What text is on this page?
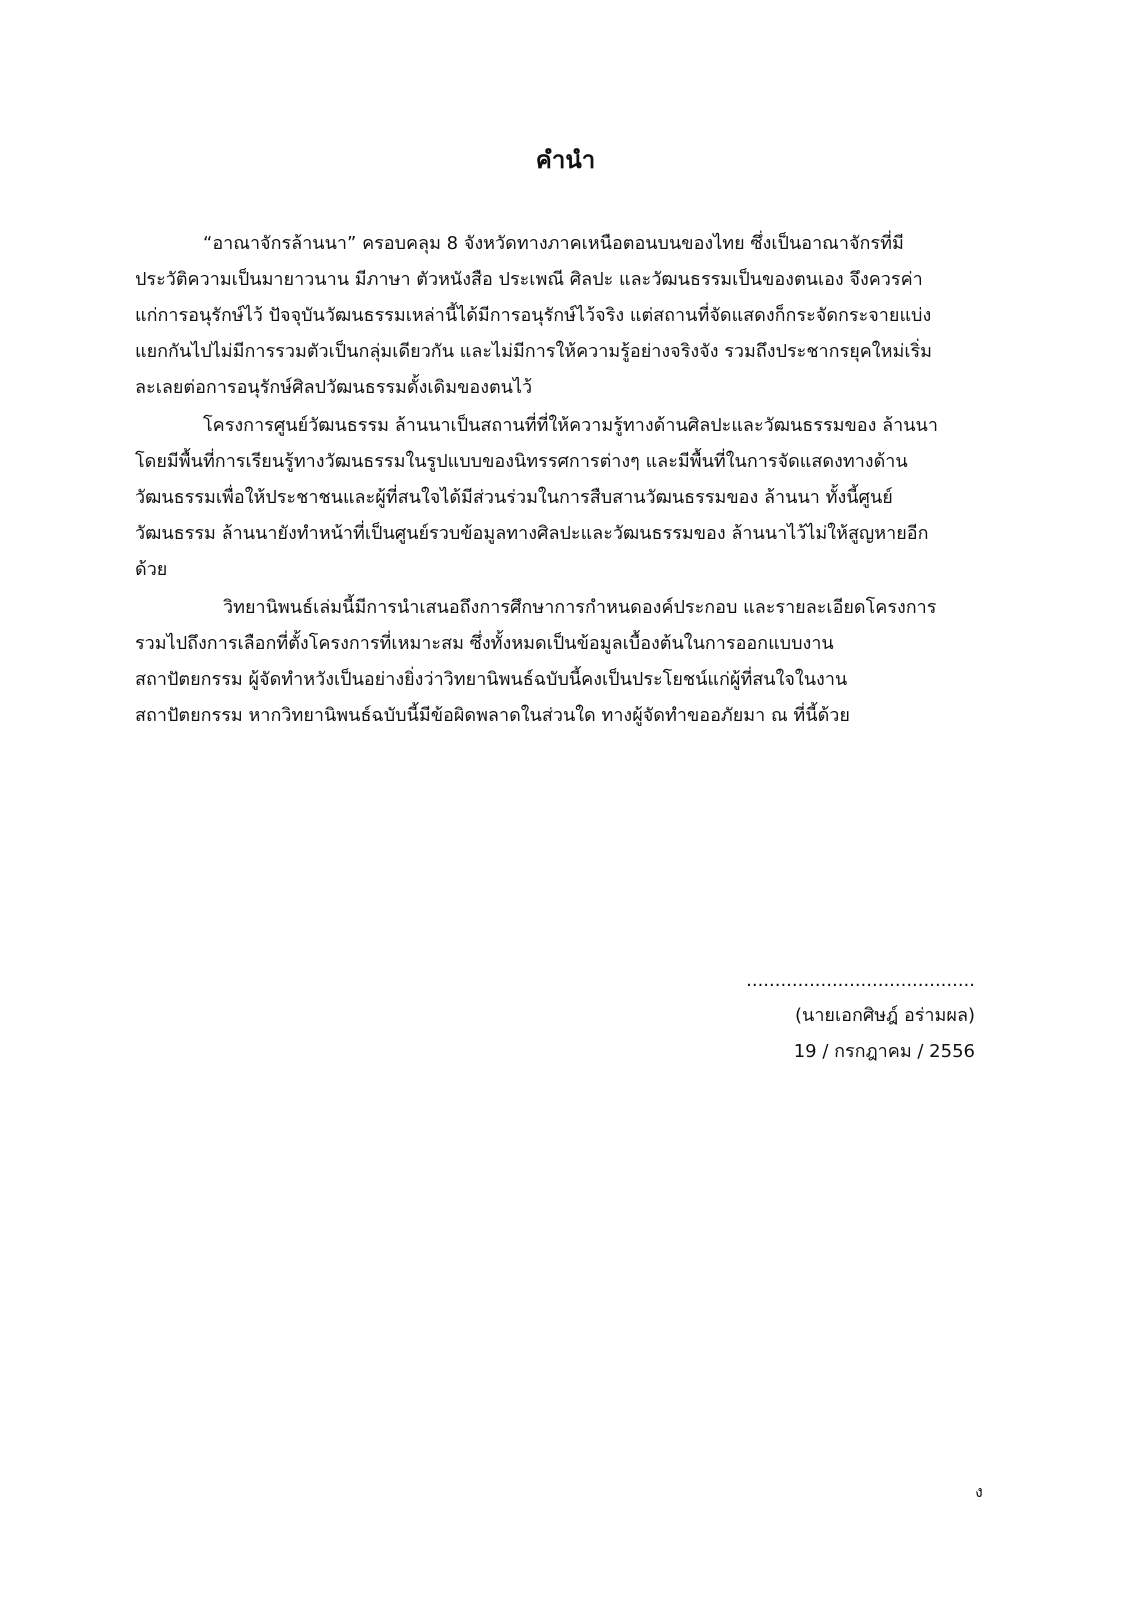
คำนำ
“อาณาจักรล้านนา” ครอบคลุม 8 จังหวัดทางภาคเหนือตอนบนของไทย ซึ่งเป็นอาณาจักรที่มี
ประวัติความเป็นมายาวนาน มีภาษา ตัวหนังสือ ประเพณี ศิลปะ และวัฒนธรรมเป็นของตนเอง จึงควรค่า
แก่การอนุรักษ์ไว้ ปัจจุบันวัฒนธรรมเหล่านี้ได้มีการอนุรักษ์ไว้จริง แต่สถานที่จัดแสดงก็กระจัดกระจายแบ่ง
แยกกันไปไม่มีการรวมตัวเป็นกลุ่มเดียวกัน และไม่มีการให้ความรู้อย่างจริงจัง รวมถึงประชากรยุคใหม่เริ่ม
ละเลยต่อการอนุรักษ์ศิลปวัฒนธรรมดั้งเดิมของตนไว้
โครงการศูนย์วัฒนธรรม ล้านนาเป็นสถานที่ที่ให้ความรู้ทางด้านศิลปะและวัฒนธรรมของ ล้านนา
โดยมีพื้นที่การเรียนรู้ทางวัฒนธรรมในรูปแบบของนิทรรศการต่างๆ และมีพื้นที่ในการจัดแสดงทางด้าน
วัฒนธรรมเพื่อให้ประชาชนและผู้ที่สนใจได้มีส่วนร่วมในการสืบสานวัฒนธรรมของ ล้านนา ทั้งนี้ศูนย์
วัฒนธรรม ล้านนายังทำหน้าที่เป็นศูนย์รวบข้อมูลทางศิลปะและวัฒนธรรมของ ล้านนาไว้ไม่ให้สูญหายอีก
ด้วย
วิทยานิพนธ์เล่มนี้มีการนำเสนอถึงการศึกษาการกำหนดองค์ประกอบ และรายละเอียดโครงการ
รวมไปถึงการเลือกที่ตั้งโครงการที่เหมาะสม ซึ่งทั้งหมดเป็นข้อมูลเบื้องต้นในการออกแบบงาน
สถาปัตยกรรม ผู้จัดทำหวังเป็นอย่างยิ่งว่าวิทยานิพนธ์ฉบับนี้คงเป็นประโยชน์แก่ผู้ที่สนใจในงาน
สถาปัตยกรรม หากวิทยานิพนธ์ฉบับนี้มีข้อผิดพลาดในส่วนใด ทางผู้จัดทำขออภัยมา ณ ที่นี้ด้วย
........................................
(นายเอกศิษฎ์ อร่ามผล)
19 / กรกฎาคม / 2556
ง
